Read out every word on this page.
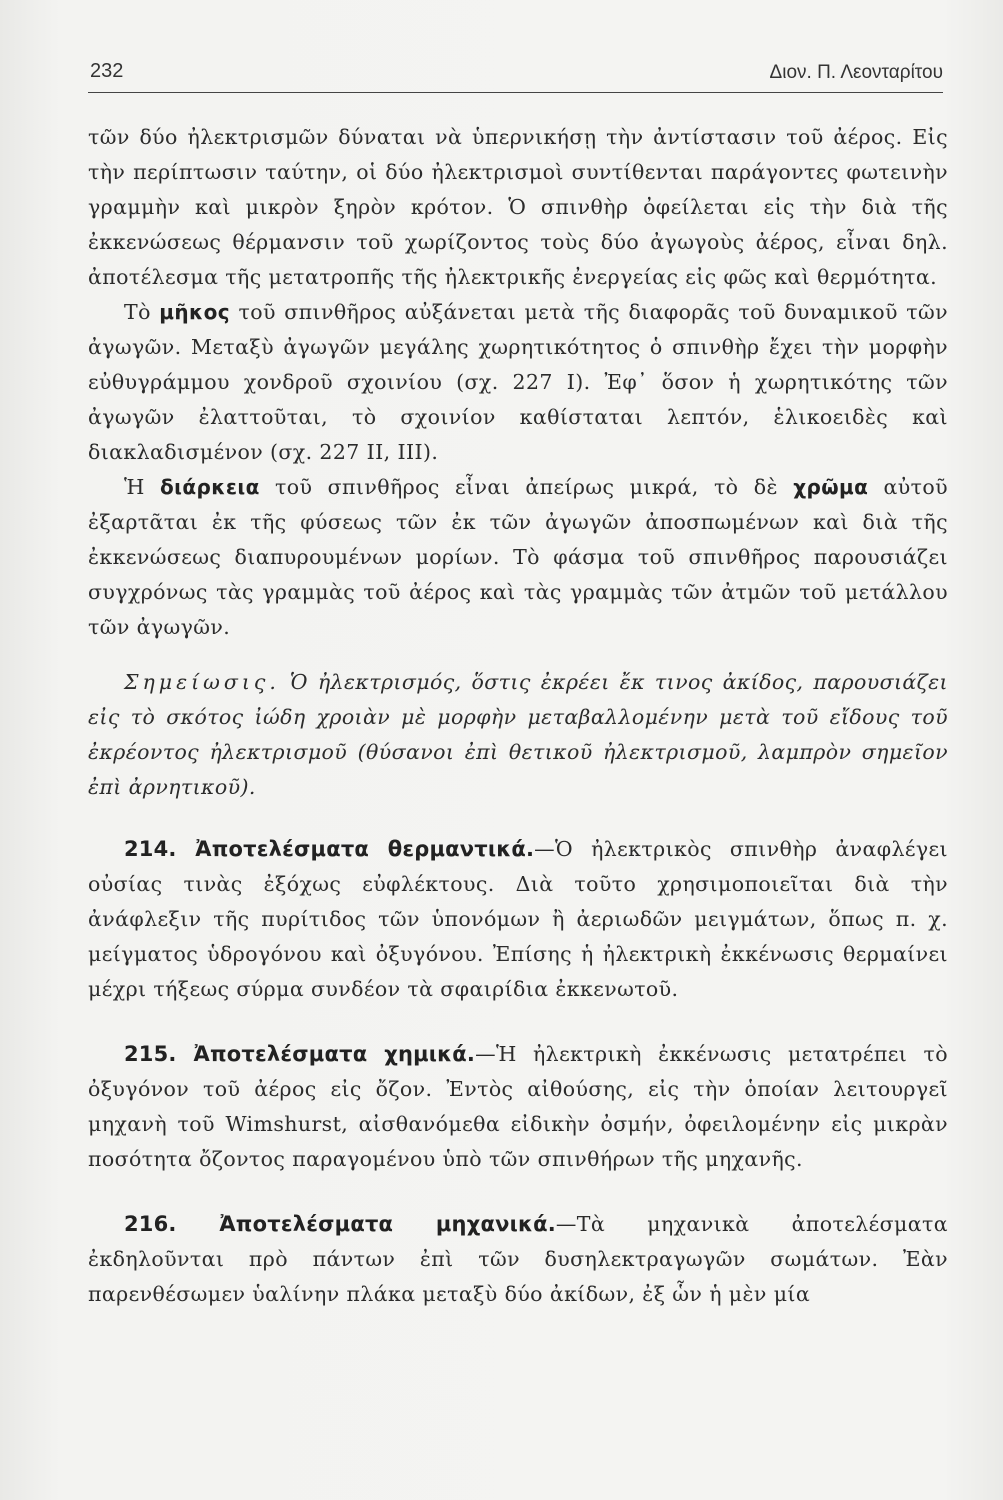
232	Διον. Π. Λεονταρίτου

τῶν δύο ἠλεκτρισμῶν δύναται νὰ ὑπερνικήσῃ τὴν ἀντίστασιν τοῦ ἀέρος. Εἰς τὴν περίπτωσιν ταύτην, οἱ δύο ἠλεκτρισμοὶ συντίθενται παράγοντες φωτεινὴν γραμμὴν καὶ μικρὸν ξηρὸν κρότον. Ὁ σπινθὴρ ὀφείλεται εἰς τὴν διὰ τῆς ἐκκενώσεως θέρμανσιν τοῦ χωρίζοντος τοὺς δύο ἀγωγοὺς ἀέρος, εἶναι δηλ. ἀποτέλεσμα τῆς μετατροπῆς τῆς ἠλεκτρικῆς ἐνεργείας εἰς φῶς καὶ θερμότητα.

Τὸ μῆκος τοῦ σπινθῆρος αὐξάνεται μετὰ τῆς διαφορᾶς τοῦ δυναμικοῦ τῶν ἀγωγῶν. Μεταξὺ ἀγωγῶν μεγάλης χωρητικότητος ὁ σπινθὴρ ἔχει τὴν μορφὴν εὐθυγράμμου χονδροῦ σχοινίου (σχ. 227 Ι). Ἐφ᾽ ὅσον ἡ χωρητικότης τῶν ἀγωγῶν ἐλαττοῦται, τὸ σχοινίον καθίσταται λεπτόν, ἑλικοειδὲς καὶ διακλαδισμένον (σχ. 227 ΙΙ, ΙΙΙ).

Ἡ διάρκεια τοῦ σπινθῆρος εἶναι ἀπείρως μικρά, τὸ δὲ χρῶμα αὐτοῦ ἐξαρτᾶται ἐκ τῆς φύσεως τῶν ἐκ τῶν ἀγωγῶν ἀποσπωμένων καὶ διὰ τῆς ἐκκενώσεως διαπυρουμένων μορίων. Τὸ φάσμα τοῦ σπινθῆρος παρουσιάζει συγχρόνως τὰς γραμμὰς τοῦ ἀέρος καὶ τὰς γραμμὰς τῶν ἀτμῶν τοῦ μετάλλου τῶν ἀγωγῶν.

Σημείωσις. Ὁ ἠλεκτρισμός, ὅστις ἐκρέει ἔκ τινος ἀκίδος, παρουσιάζει εἰς τὸ σκότος ἰώδη χροιὰν μὲ μορφὴν μεταβαλλομένην μετὰ τοῦ εἴδους τοῦ ἐκρέοντος ἠλεκτρισμοῦ (θύσανοι ἐπὶ θετικοῦ ἠλεκτρισμοῦ, λαμπρὸν σημεῖον ἐπὶ ἀρνητικοῦ).

214. Ἀποτελέσματα θερμαντικά.—Ὁ ἠλεκτρικὸς σπινθὴρ ἀναφλέγει οὐσίας τινὰς ἐξόχως εὐφλέκτους. Διὰ τοῦτο χρησιμοποιεῖται διὰ τὴν ἀνάφλεξιν τῆς πυρίτιδος τῶν ὑπονόμων ἢ ἀεριωδῶν μειγμάτων, ὅπως π. χ. μείγματος ὑδρογόνου καὶ ὀξυγόνου. Ἐπίσης ἡ ἠλεκτρικὴ ἐκκένωσις θερμαίνει μέχρι τήξεως σύρμα συνδέον τὰ σφαιρίδια ἐκκενωτοῦ.

215. Ἀποτελέσματα χημικά.—Ἡ ἠλεκτρικὴ ἐκκένωσις μετατρέπει τὸ ὀξυγόνον τοῦ ἀέρος εἰς ὄζον. Ἐντὸς αἰθούσης, εἰς τὴν ὁποίαν λειτουργεῖ μηχανὴ τοῦ Wimshurst, αἰσθανόμεθα εἰδικὴν ὀσμήν, ὀφειλομένην εἰς μικρὰν ποσότητα ὄζοντος παραγομένου ὑπὸ τῶν σπινθήρων τῆς μηχανῆς.

216. Ἀποτελέσματα μηχανικά.—Τὰ μηχανικὰ ἀποτελέσματα ἐκδηλοῦνται πρὸ πάντων ἐπὶ τῶν δυσηλεκτραγωγῶν σωμάτων. Ἐὰν παρενθέσωμεν ὑαλίνην πλάκα μεταξὺ δύο ἀκίδων, ἐξ ὧν ἡ μὲν μία
